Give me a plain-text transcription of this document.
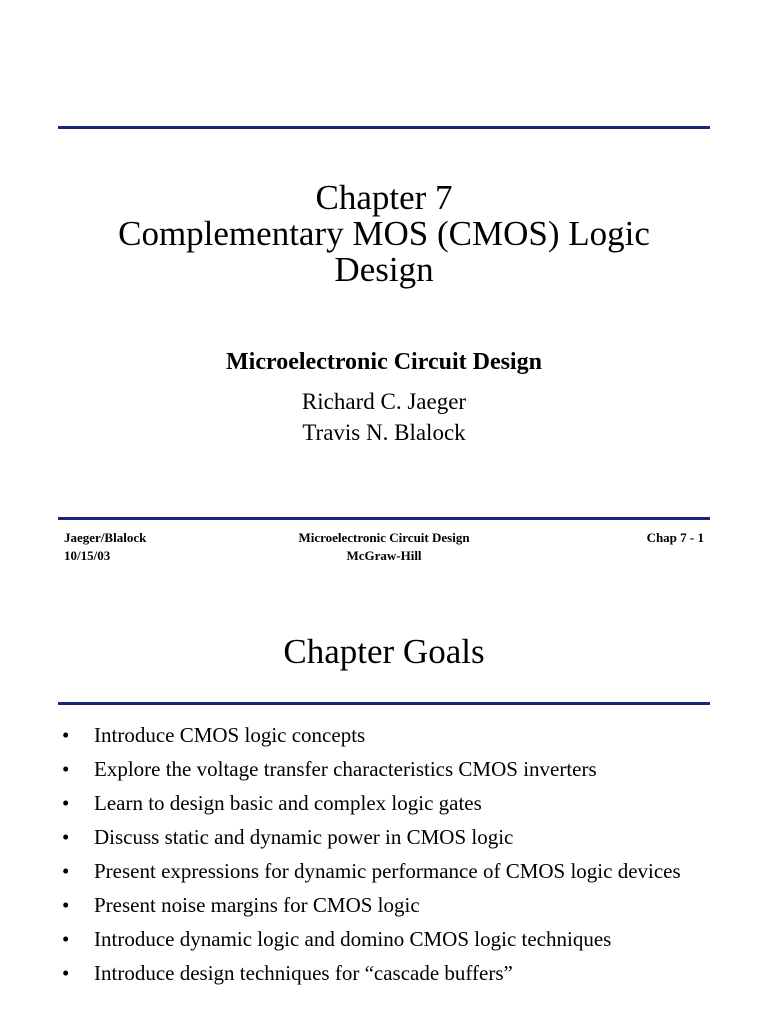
Chapter 7
Complementary MOS (CMOS) Logic
Design
Microelectronic Circuit Design
Richard C. Jaeger
Travis N. Blalock
Jaeger/Blalock
10/15/03
Microelectronic Circuit Design
McGraw-Hill
Chap 7 - 1
Chapter Goals
• Introduce CMOS logic concepts
• Explore the voltage transfer characteristics CMOS inverters
• Learn to design basic and complex logic gates
• Discuss static and dynamic power in CMOS logic
• Present expressions for dynamic performance of CMOS logic devices
• Present noise margins for CMOS logic
• Introduce dynamic logic and domino CMOS logic techniques
• Introduce design techniques for “cascade buffers”
